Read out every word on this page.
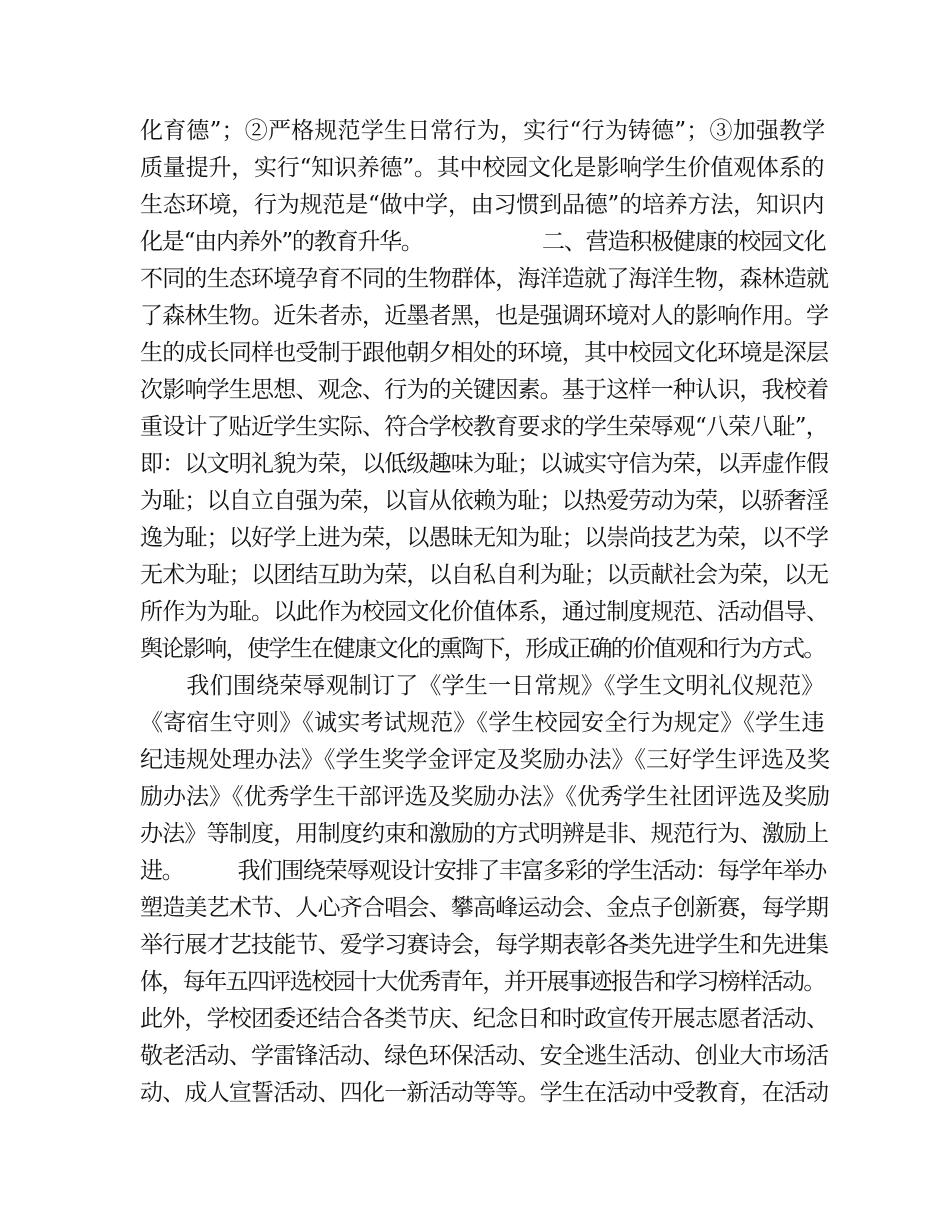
化育德”；②严格规范学生日常行为，实行“行为铸德”；③加强教学
质量提升，实行“知识养德”。其中校园文化是影响学生价值观体系的
生态环境，行为规范是“做中学，由习惯到品德”的培养方法，知识内
化是“由内养外”的教育升华。　　　　　　二、营造积极健康的校园文化
不同的生态环境孕育不同的生物群体，海洋造就了海洋生物，森林造就
了森林生物。近朱者赤，近墨者黑，也是强调环境对人的影响作用。学
生的成长同样也受制于跟他朝夕相处的环境，其中校园文化环境是深层
次影响学生思想、观念、行为的关键因素。基于这样一种认识，我校着
重设计了贴近学生实际、符合学校教育要求的学生荣辱观“八荣八耻”，
即：以文明礼貌为荣，以低级趣味为耻；以诚实守信为荣，以弄虚作假
为耻；以自立自强为荣，以盲从依赖为耻；以热爱劳动为荣，以骄奢淫
逸为耻；以好学上进为荣，以愚昧无知为耻；以崇尚技艺为荣，以不学
无术为耻；以团结互助为荣，以自私自利为耻；以贡献社会为荣，以无
所作为为耻。以此作为校园文化价值体系，通过制度规范、活动倡导、
舆论影响，使学生在健康文化的熏陶下，形成正确的价值观和行为方式。
　　我们围绕荣辱观制订了《学生一日常规》《学生文明礼仪规范》
《寄宿生守则》《诚实考试规范》《学生校园安全行为规定》《学生违
纪违规处理办法》《学生奖学金评定及奖励办法》《三好学生评选及奖
励办法》《优秀学生干部评选及奖励办法》《优秀学生社团评选及奖励
办法》等制度，用制度约束和激励的方式明辨是非、规范行为、激励上
进。　　　我们围绕荣辱观设计安排了丰富多彩的学生活动：每学年举办
塑造美艺术节、人心齐合唱会、攀高峰运动会、金点子创新赛，每学期
举行展才艺技能节、爱学习赛诗会，每学期表彰各类先进学生和先进集
体，每年五四评选校园十大优秀青年，并开展事迹报告和学习榜样活动。
此外，学校团委还结合各类节庆、纪念日和时政宣传开展志愿者活动、
敬老活动、学雷锋活动、绿色环保活动、安全逃生活动、创业大市场活
动、成人宣誓活动、四化一新活动等等。学生在活动中受教育，在活动
